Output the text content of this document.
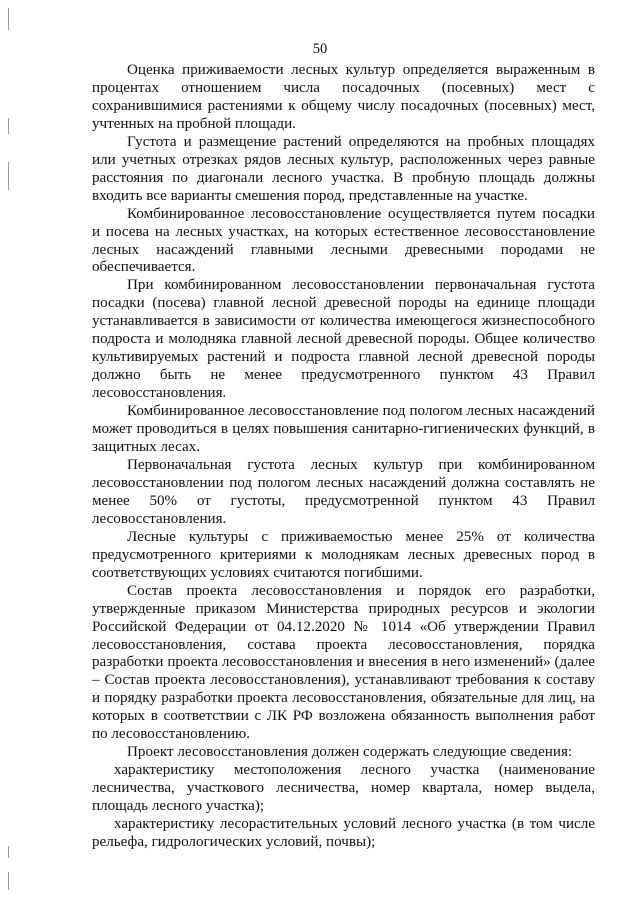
50

Оценка приживаемости лесных культур определяется выраженным в процентах отношением числа посадочных (посевных) мест с сохранившимися растениями к общему числу посадочных (посевных) мест, учтенных на пробной площади.

Густота и размещение растений определяются на пробных площадях или учетных отрезках рядов лесных культур, расположенных через равные расстояния по диагонали лесного участка. В пробную площадь должны входить все варианты смешения пород, представленные на участке.

Комбинированное лесовосстановление осуществляется путем посадки и посева на лесных участках, на которых естественное лесовосстановление лесных насаждений главными лесными древесными породами не обеспечивается.

При комбинированном лесовосстановлении первоначальная густота посадки (посева) главной лесной древесной породы на единице площади устанавливается в зависимости от количества имеющегося жизнеспособного подроста и молодняка главной лесной древесной породы. Общее количество культивируемых растений и подроста главной лесной древесной породы должно быть не менее предусмотренного пунктом 43 Правил лесовосстановления.

Комбинированное лесовосстановление под пологом лесных насаждений может проводиться в целях повышения санитарно-гигиенических функций, в защитных лесах.

Первоначальная густота лесных культур при комбинированном лесовосстановлении под пологом лесных насаждений должна составлять не менее 50% от густоты, предусмотренной пунктом 43 Правил лесовосстановления.

Лесные культуры с приживаемостью менее 25% от количества предусмотренного критериями к молоднякам лесных древесных пород в соответствующих условиях считаются погибшими.

Состав проекта лесовосстановления и порядок его разработки, утвержденные приказом Министерства природных ресурсов и экологии Российской Федерации от 04.12.2020 № 1014 «Об утверждении Правил лесовосстановления, состава проекта лесовосстановления, порядка разработки проекта лесовосстановления и внесения в него изменений» (далее – Состав проекта лесовосстановления), устанавливают требования к составу и порядку разработки проекта лесовосстановления, обязательные для лиц, на которых в соответствии с ЛК РФ возложена обязанность выполнения работ по лесовосстановлению.

Проект лесовосстановления должен содержать следующие сведения:

характеристику местоположения лесного участка (наименование лесничества, участкового лесничества, номер квартала, номер выдела, площадь лесного участка);

характеристику лесорастительных условий лесного участка (в том числе рельефа, гидрологических условий, почвы);
